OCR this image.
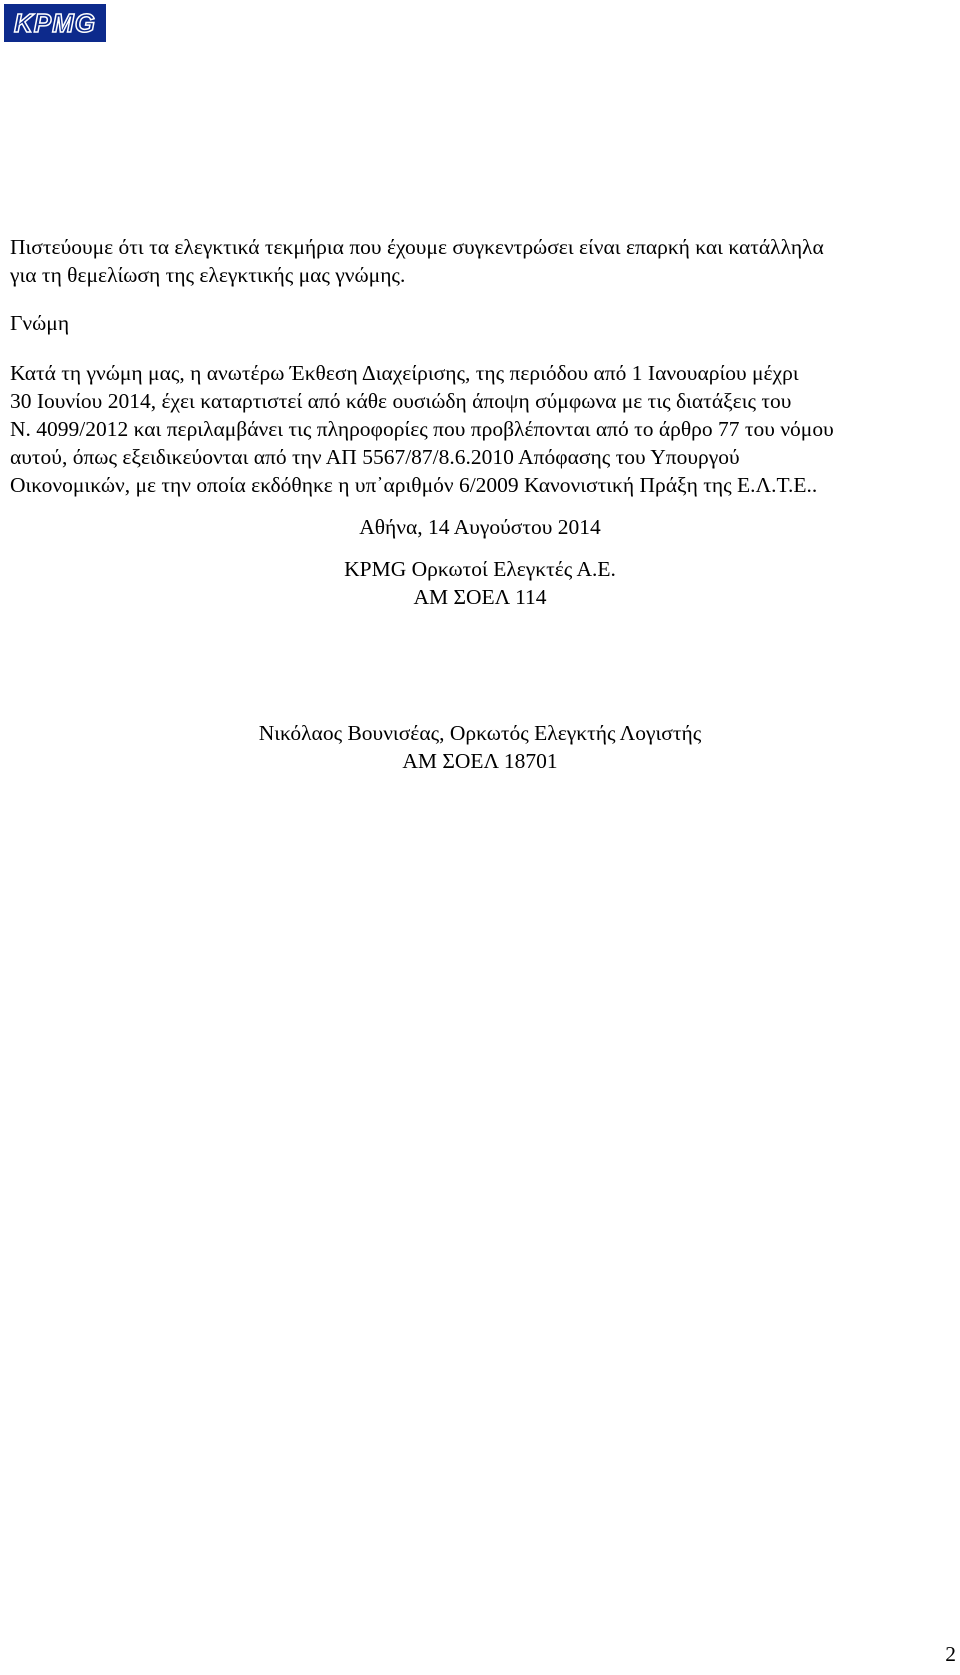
KPMG

Πιστεύουμε ότι τα ελεγκτικά τεκμήρια που έχουμε συγκεντρώσει είναι επαρκή και κατάλληλα
για τη θεμελίωση της ελεγκτικής μας γνώμης.

Γνώμη

Κατά τη γνώμη μας, η ανωτέρω Έκθεση Διαχείρισης, της περιόδου από 1 Ιανουαρίου μέχρι
30 Ιουνίου 2014, έχει καταρτιστεί από κάθε ουσιώδη άποψη σύμφωνα με τις διατάξεις του
Ν. 4099/2012 και περιλαμβάνει τις πληροφορίες που προβλέπονται από το άρθρο 77 του νόμου
αυτού, όπως εξειδικεύονται από την ΑΠ 5567/87/8.6.2010 Απόφασης του Υπουργού
Οικονομικών, με την οποία εκδόθηκε η υπ᾽αριθμόν 6/2009 Κανονιστική Πράξη της Ε.Λ.Τ.Ε..

Αθήνα, 14 Αυγούστου 2014

KPMG Ορκωτοί Ελεγκτές Α.Ε.

ΑΜ ΣΟΕΛ 114

Νικόλαος Βουνισέας, Ορκωτός Ελεγκτής Λογιστής

ΑΜ ΣΟΕΛ 18701

2
